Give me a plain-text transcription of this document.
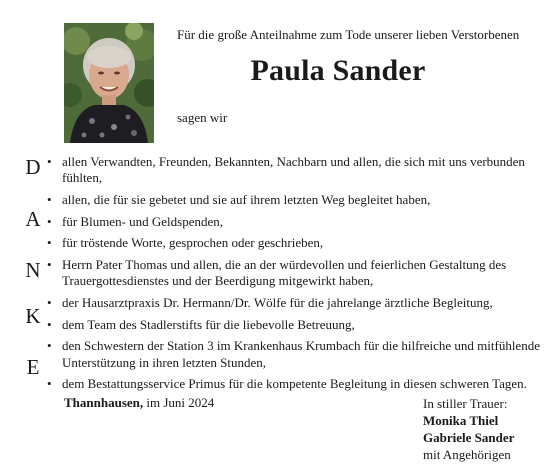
Für die große Anteilnahme zum Tode unserer lieben Verstorbenen
Paula Sander
sagen wir
D
A
N
K
E
• allen Verwandten, Freunden, Bekannten, Nachbarn und allen, die sich mit uns verbunden fühlten,
• allen, die für sie gebetet und sie auf ihrem letzten Weg begleitet haben,
• für Blumen- und Geldspenden,
• für tröstende Worte, gesprochen oder geschrieben,
• Herrn Pater Thomas und allen, die an der würdevollen und feierlichen Gestaltung des Trauergottesdienstes und der Beerdigung mitgewirkt haben,
• der Hausarztpraxis Dr. Hermann/Dr. Wölfe für die jahrelange ärztliche Begleitung,
• dem Team des Stadlerstifts für die liebevolle Betreuung,
• den Schwestern der Station 3 im Krankenhaus Krumbach für die hilfreiche und mitfühlende Unterstützung in ihren letzten Stunden,
• dem Bestattungsservice Primus für die kompetente Begleitung in diesen schweren Tagen.
Thannhausen, im Juni 2024	In stiller Trauer:
Monika Thiel
Gabriele Sander
mit Angehörigen
